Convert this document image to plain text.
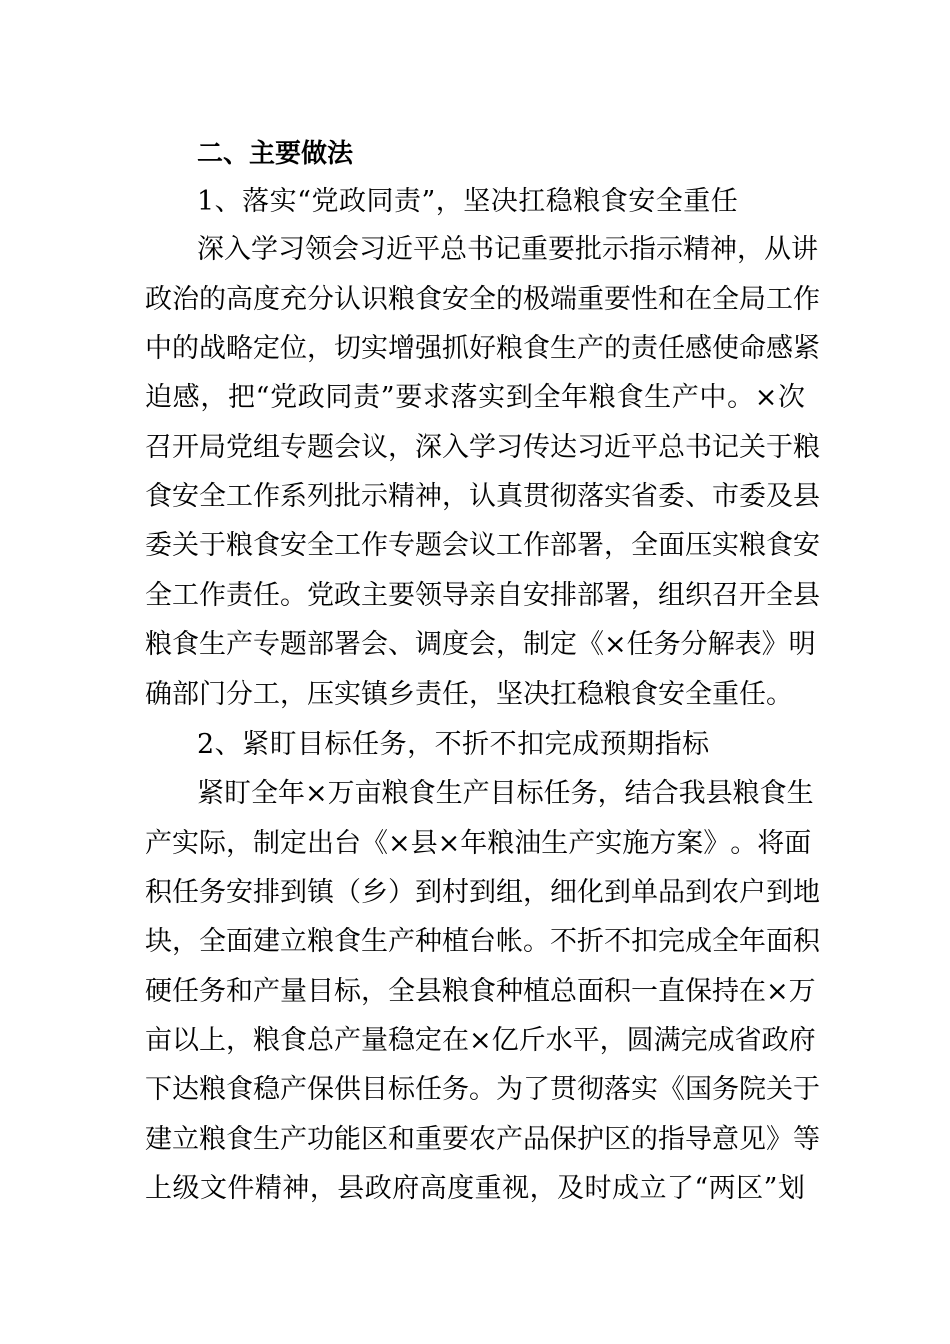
二、主要做法
1、落实“党政同责”，坚决扛稳粮食安全重任
深入学习领会习近平总书记重要批示指示精神，从讲
政 治 的 高 度 充 分 认 识 粮 食 安 全 的 极 端 重 要 性 和 在 全 局 工 作
中 的 战 略 定 位 ， 切 实 增 强 抓 好 粮 食 生 产 的 责 任 感 使 命 感 紧
迫 感 ， 把 “ 党 政 同 责 ” 要 求 落 实 到 全 年 粮 食 生 产 中 。 × 次
召 开 局 党 组 专 题 会 议 ， 深 入 学 习 传 达 习 近 平 总 书 记 关 于 粮
食 安 全 工 作 系 列 批 示 精 神 ， 认 真 贯 彻 落 实 省 委 、 市 委 及 县
委 关 于 粮 食 安 全 工 作 专 题 会 议 工 作 部 署 ， 全 面 压 实 粮 食 安
全 工 作 责 任 。 党 政 主 要 领 导 亲 自 安 排 部 署 ， 组 织 召 开 全 县
粮 食 生 产 专 题 部 署 会 、 调 度 会 ， 制 定 《 × 任 务 分 解 表 》 明
确部门分工，压实镇乡责任，坚决扛稳粮食安全重任。
2、紧盯目标任务，不折不扣完成预期指标
紧盯全年×万亩粮食生产目标任务，结合我县粮食生
产 实 际 ， 制 定 出 台 《 × 县 × 年 粮 油 生 产 实 施 方 案 》 。 将 面
积 任 务 安 排 到 镇 （ 乡 ） 到 村 到 组 ， 细 化 到 单 品 到 农 户 到 地
块 ， 全 面 建 立 粮 食 生 产 种 植 台 帐 。 不 折 不 扣 完 成 全 年 面 积
硬 任 务 和 产 量 目 标 ， 全 县 粮 食 种 植 总 面 积 一 直 保 持 在 × 万
亩 以 上 ， 粮 食 总 产 量 稳 定 在 × 亿 斤 水 平 ， 圆 满 完 成 省 政 府
下 达 粮 食 稳 产 保 供 目 标 任 务 。 为 了 贯 彻 落 实 《 国 务 院 关 于
建 立 粮 食 生 产 功 能 区 和 重 要 农 产 品 保 护 区 的 指 导 意 见 》 等
上 级 文 件 精 神 ， 县 政 府 高 度 重 视 ， 及 时 成 立 了 “ 两 区 ” 划
